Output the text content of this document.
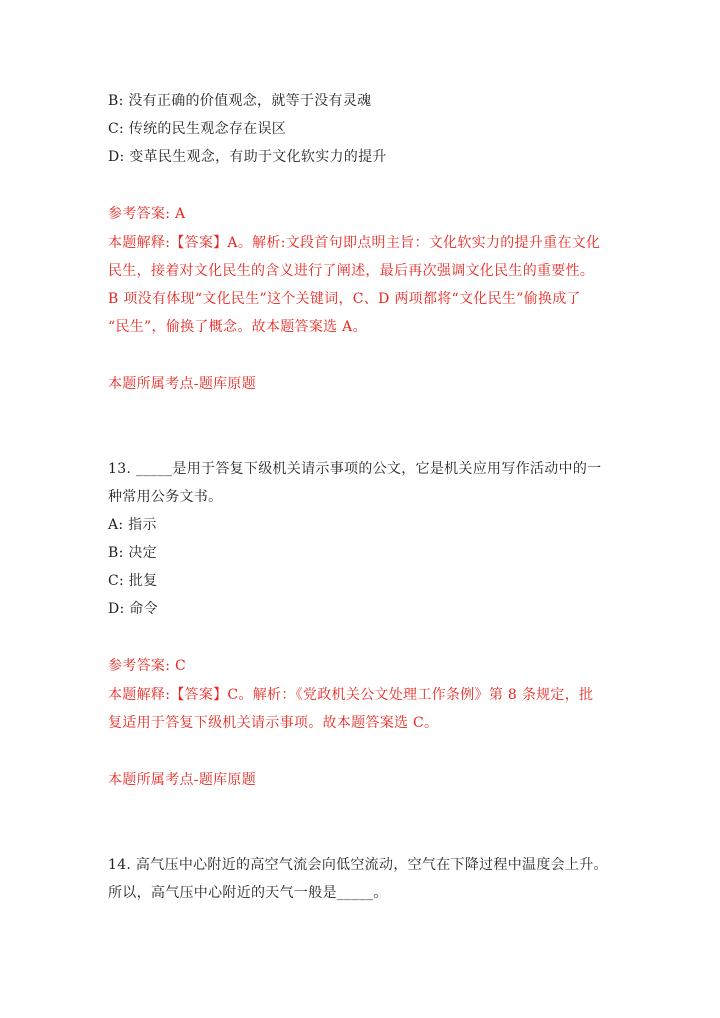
B: 没有正确的价值观念，就等于没有灵魂
C: 传统的民生观念存在误区
D: 变革民生观念，有助于文化软实力的提升
参考答案: A
本题解释:【答案】A。解析:文段首句即点明主旨：文化软实力的提升重在文化
民生，接着对文化民生的含义进行了阐述，最后再次强调文化民生的重要性。
B 项没有体现“文化民生”这个关键词，C、D 两项都将“文化民生”偷换成了
“民生”，偷换了概念。故本题答案选 A。
本题所属考点-题库原题
13. _____是用于答复下级机关请示事项的公文，它是机关应用写作活动中的一
种常用公务文书。
A: 指示
B: 决定
C: 批复
D: 命令
参考答案: C
本题解释:【答案】C。解析：《党政机关公文处理工作条例》第 8 条规定，批
复适用于答复下级机关请示事项。故本题答案选 C。
本题所属考点-题库原题
14. 高气压中心附近的高空气流会向低空流动，空气在下降过程中温度会上升。
所以，高气压中心附近的天气一般是_____。
